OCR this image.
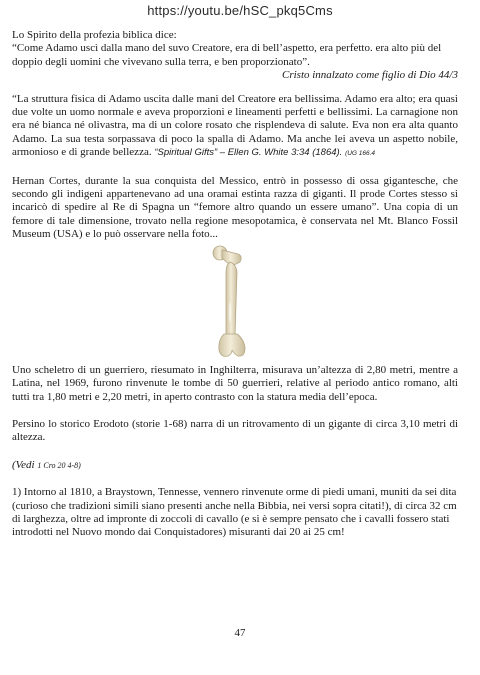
https://youtu.be/hSC_pkq5Cms

Lo Spirito della profezia biblica dice:

“Come Adamo uscì dalla mano del suvo Creatore, era di bell’aspetto, era perfetto. era alto più del doppio degli uomini che vivevano sulla terra, e ben proporzionato”.

Cristo innalzato come figlio di Dio 44/3

“La struttura fisica di Adamo uscita dalle mani del Creatore era bellissima. Adamo era alto; era quasi due volte un uomo normale e aveva proporzioni e lineamenti perfetti e bellissimi. La carnagione non era né bianca né olivastra, ma di un colore rosato che risplendeva di salute. Eva non era alta quanto Adamo. La sua testa sorpassava di poco la spalla di Adamo. Ma anche lei aveva un aspetto nobile, armonioso e di grande bellezza. “Spiritual Gifts” – Ellen G. White 3:34 (1864). (UG 166.4

Hernan Cortes, durante la sua conquista del Messico, entrò in possesso di ossa gigantesche, che secondo gli indigeni appartenevano ad una oramai estinta razza di giganti. Il prode Cortes stesso si incaricò di spedire al Re di Spagna un “femore altro quando un essere umano”. Una copia di un femore di tale dimensione, trovato nella regione mesopotamica, è conservata nel Mt. Blanco Fossil Museum (USA) e lo può osservare nella foto...

Uno scheletro di un guerriero, riesumato in Inghilterra, misurava un’altezza di 2,80 metri, mentre a Latina, nel 1969, furono rinvenute le tombe di 50 guerrieri, relative al periodo antico romano, alti tutti tra 1,80 metri e 2,20 metri, in aperto contrasto con la statura media dell’epoca.

Persino lo storico Erodoto (storie 1-68) narra di un ritrovamento di un gigante di circa 3,10 metri di altezza.

(Vedi 1 Cro 20 4-8)

1) Intorno al 1810, a Braystown, Tennesse, vennero rinvenute orme di piedi umani, muniti da sei dita (curioso che tradizioni simili siano presenti anche nella Bibbia, nei versi sopra citati!), di circa 32 cm di larghezza, oltre ad impronte di zoccoli di cavallo (e si è sempre pensato che i cavalli fossero stati introdotti nel Nuovo mondo dai Conquistadores) misuranti dai 20 ai 25 cm!

47
